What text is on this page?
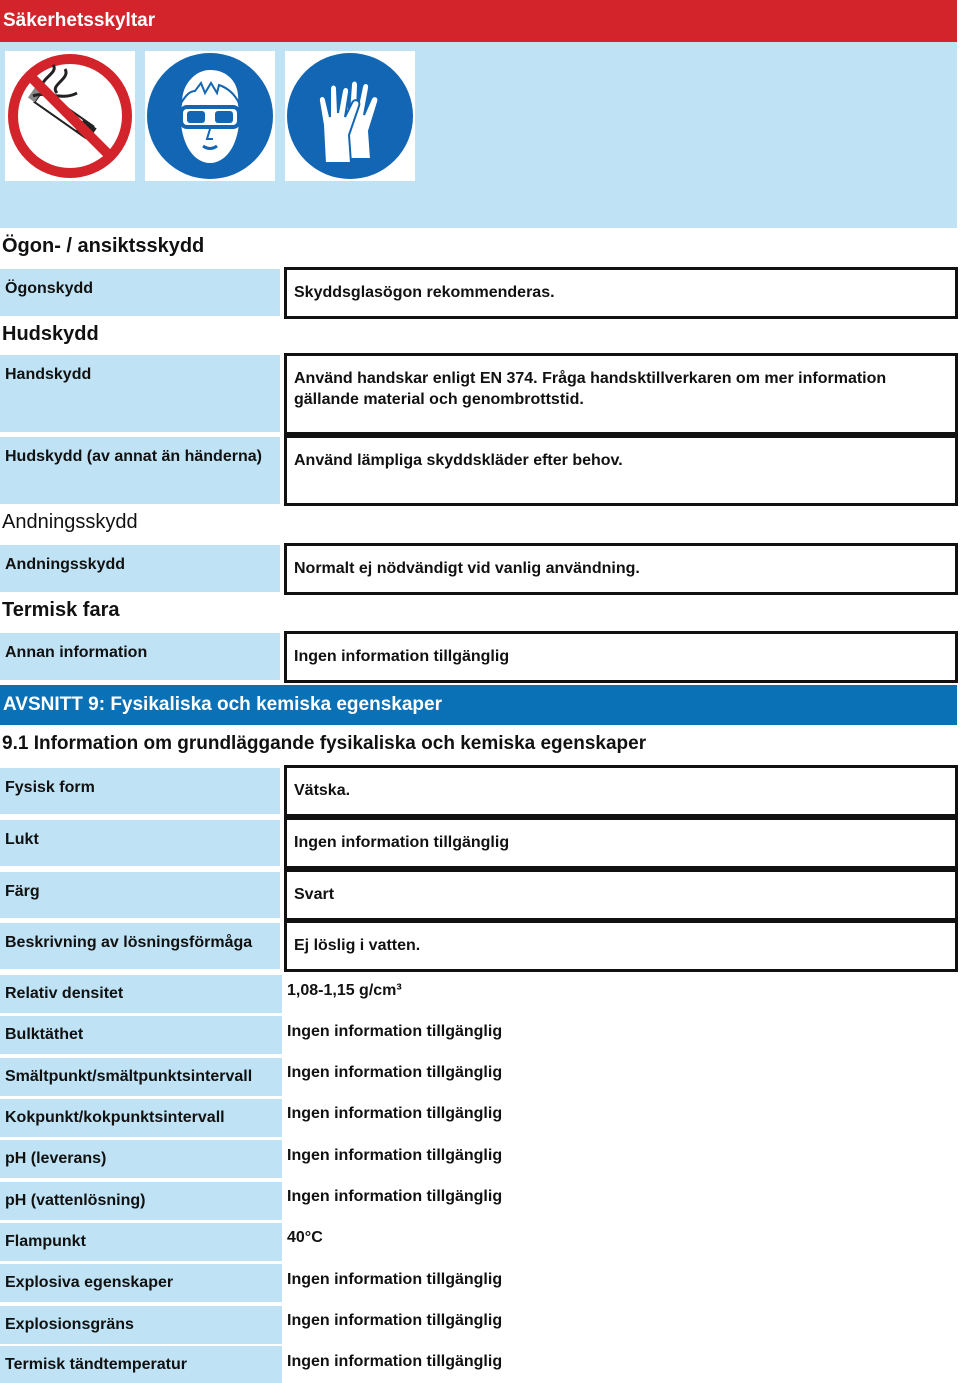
Säkerhetsskyltar
Ögon- / ansiktsskydd
Hudskydd
Andningsskydd
Termisk fara
Ögonskydd	Skyddsglasögon rekommenderas.
Handskydd	Använd handskar enligt EN 374. Fråga handsktillverkaren om mer information gällande material och genombrottstid.
Hudskydd (av annat än händerna)	Använd lämpliga skyddskläder efter behov.
Andningsskydd	Normalt ej nödvändigt vid vanlig användning.
Annan information	Ingen information tillgänglig
AVSNITT 9: Fysikaliska och kemiska egenskaper
9.1 Information om grundläggande fysikaliska och kemiska egenskaper
Fysisk form	Vätska.
Lukt	Ingen information tillgänglig
Färg	Svart
Beskrivning av lösningsförmåga	Ej löslig i vatten.
Relativ densitet	1,08-1,15 g/cm³
Bulktäthet	Ingen information tillgänglig
Smältpunkt/smältpunktsintervall	Ingen information tillgänglig
Kokpunkt/kokpunktsintervall	Ingen information tillgänglig
pH (leverans)	Ingen information tillgänglig
pH (vattenlösning)	Ingen information tillgänglig
Flampunkt	40°C
Explosiva egenskaper	Ingen information tillgänglig
Explosionsgräns	Ingen information tillgänglig
Termisk tändtemperatur	Ingen information tillgänglig
